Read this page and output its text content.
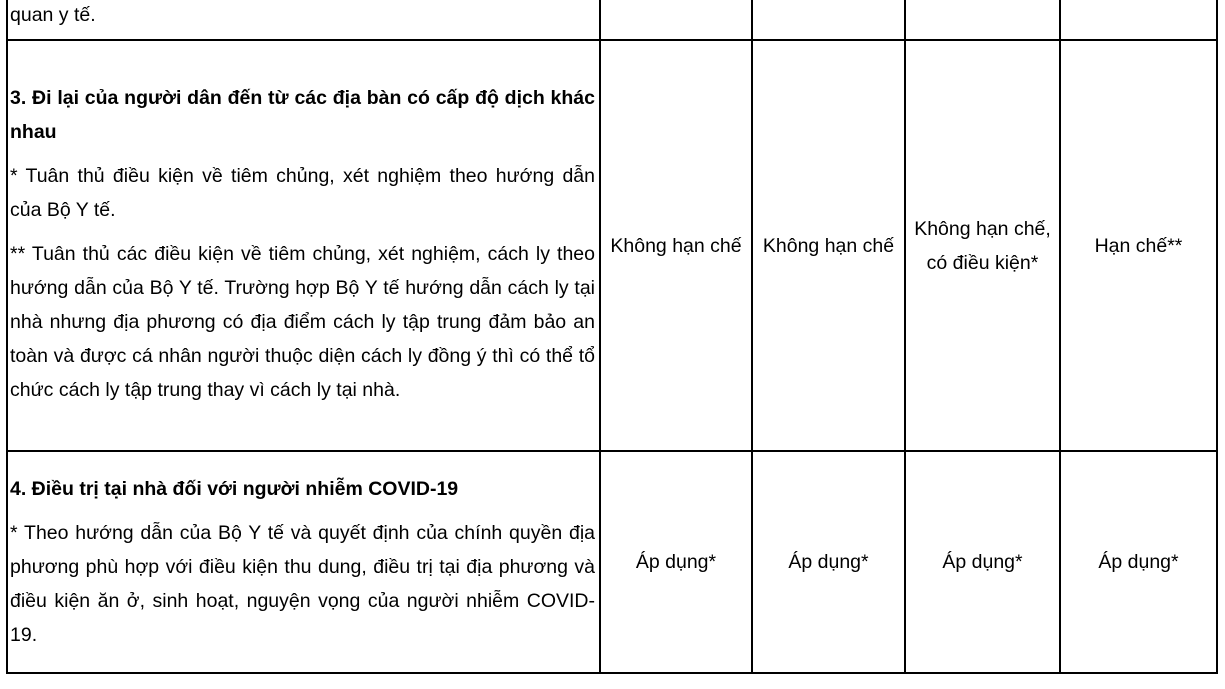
quan y tế.				

3. Đi lại của người dân đến từ các địa bàn có cấp độ dịch khác nhau
* Tuân thủ điều kiện về tiêm chủng, xét nghiệm theo hướng dẫn của Bộ Y tế.
** Tuân thủ các điều kiện về tiêm chủng, xét nghiệm, cách ly theo hướng dẫn của Bộ Y tế. Trường hợp Bộ Y tế hướng dẫn cách ly tại nhà nhưng địa phương có địa điểm cách ly tập trung đảm bảo an toàn và được cá nhân người thuộc diện cách ly đồng ý thì có thể tổ chức cách ly tập trung thay vì cách ly tại nhà.	Không hạn chế	Không hạn chế	Không hạn chế, có điều kiện*	Hạn chế**

4. Điều trị tại nhà đối với người nhiễm COVID-19
* Theo hướng dẫn của Bộ Y tế và quyết định của chính quyền địa phương phù hợp với điều kiện thu dung, điều trị tại địa phương và điều kiện ăn ở, sinh hoạt, nguyện vọng của người nhiễm COVID-19.	Áp dụng*	Áp dụng*	Áp dụng*	Áp dụng*
